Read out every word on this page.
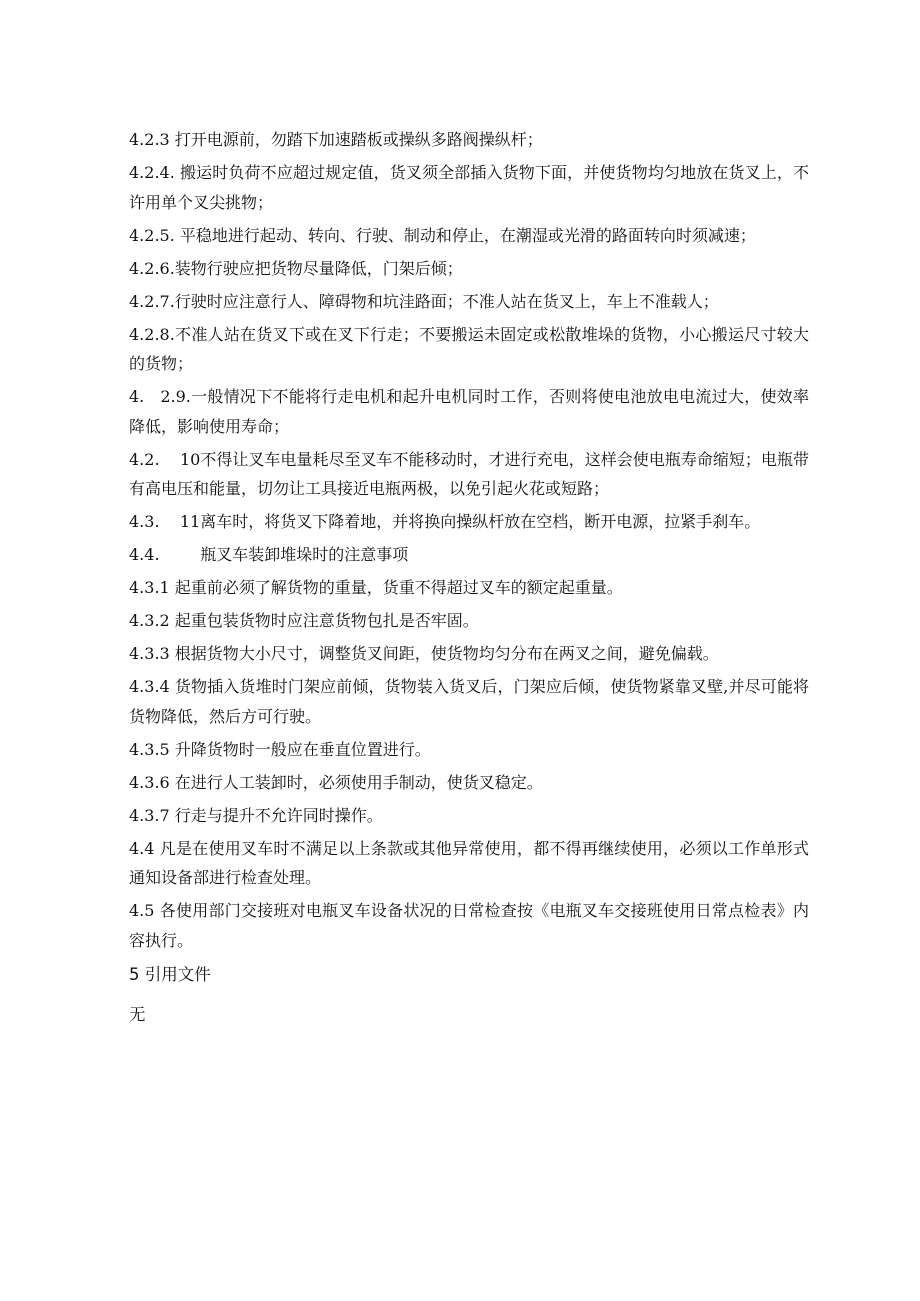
4.2.3 打开电源前，勿踏下加速踏板或操纵多路阀操纵杆；

4.2.4. 搬运时负荷不应超过规定值，货叉须全部插入货物下面，并使货物均匀地放在货叉上，不许用单个叉尖挑物；

4.2.5. 平稳地进行起动、转向、行驶、制动和停止，在潮湿或光滑的路面转向时须减速；

4.2.6.装物行驶应把货物尽量降低，门架后倾；

4.2.7.行驶时应注意行人、障碍物和坑洼路面；不准人站在货叉上，车上不准载人；

4.2.8.不准人站在货叉下或在叉下行走；不要搬运未固定或松散堆垛的货物，小心搬运尺寸较大的货物；

4.   2.9.一般情况下不能将行走电机和起升电机同时工作，否则将使电池放电电流过大，使效率降低，影响使用寿命；

4.2.    10不得让叉车电量耗尽至叉车不能移动时，才进行充电，这样会使电瓶寿命缩短；电瓶带有高电压和能量，切勿让工具接近电瓶两极，以免引起火花或短路；

4.3.    11离车时，将货叉下降着地，并将换向操纵杆放在空档，断开电源，拉紧手刹车。

4.4.        瓶叉车装卸堆垛时的注意事项

4.3.1 起重前必须了解货物的重量，货重不得超过叉车的额定起重量。

4.3.2 起重包装货物时应注意货物包扎是否牢固。

4.3.3 根据货物大小尺寸，调整货叉间距，使货物均匀分布在两叉之间，避免偏载。

4.3.4 货物插入货堆时门架应前倾，货物装入货叉后，门架应后倾，使货物紧靠叉壁,并尽可能将货物降低，然后方可行驶。

4.3.5 升降货物时一般应在垂直位置进行。

4.3.6 在进行人工装卸时，必须使用手制动，使货叉稳定。

4.3.7 行走与提升不允许同时操作。

4.4 凡是在使用叉车时不满足以上条款或其他异常使用，都不得再继续使用，必须以工作单形式通知设备部进行检查处理。

4.5 各使用部门交接班对电瓶叉车设备状况的日常检查按《电瓶叉车交接班使用日常点检表》内容执行。

5 引用文件

无
